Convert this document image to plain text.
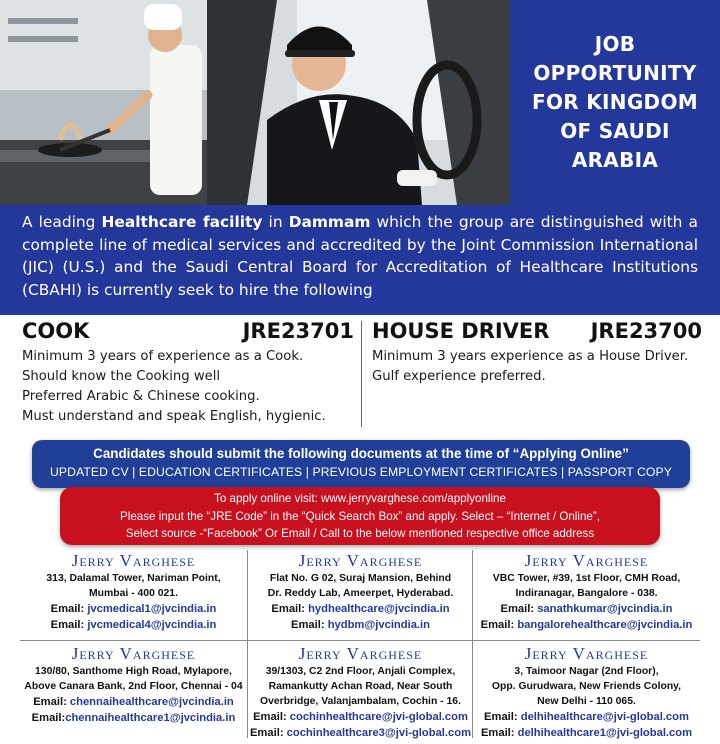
JOB
OPPORTUNITY
FOR KINGDOM
OF SAUDI
ARABIA

A leading Healthcare facility in Dammam which the group are distinguished with a complete line of medical services and accredited by the Joint Commission International (JIC) (U.S.) and the Saudi Central Board for Accreditation of Healthcare Institutions (CBAHI) is currently seek to hire the following

COOK	JRE23701
Minimum 3 years of experience as a Cook.
Should know the Cooking well
Preferred Arabic & Chinese cooking.
Must understand and speak English, hygienic.
HOUSE DRIVER JRE23700
Minimum 3 years experience as a House Driver.
Gulf experience preferred.
Candidates should submit the following documents at the time of “Applying Online”
UPDATED CV | EDUCATION CERTIFICATES | PREVIOUS EMPLOYMENT CERTIFICATES | PASSPORT COPY
To apply online visit: www.jerryvarghese.com/applyonline
Please input the “JRE Code” in the “Quick Search Box” and apply. Select – “Internet / Online”,
Select source -“Facebook” Or Email / Call to the below mentioned respective office address
Jerry Varghese
313, Dalamal Tower, Nariman Point,
Mumbai - 400 021.
Email: jvcmedical1@jvcindia.in
Email: jvcmedical4@jvcindia.in
Jerry Varghese
Flat No. G 02, Suraj Mansion, Behind
Dr. Reddy Lab, Ameerpet, Hyderabad.
Email: hydhealthcare@jvcindia.in
Email: hydbm@jvcindia.in
Jerry Varghese
VBC Tower, #39, 1st Floor, CMH Road,
Indiranagar, Bangalore - 038.
Email: sanathkumar@jvcindia.in
Email: bangalorehealthcare@jvcindia.in
Jerry Varghese
130/80, Santhome High Road, Mylapore,
Above Canara Bank, 2nd Floor, Chennai - 04
Email: chennaihealthcare@jvcindia.in
Email:chennaihealthcare1@jvcindia.in
Jerry Varghese
39/1303, C2 2nd Floor, Anjali Complex,
Ramankutty Achan Road, Near South
Overbridge, Valanjambalam, Cochin - 16.
Email: cochinhealthcare@jvi-global.com
Email: cochinhealthcare3@jvi-global.com
Jerry Varghese
3, Taimoor Nagar (2nd Floor),
Opp. Gurudwara, New Friends Colony,
New Delhi - 110 065.
Email: delhihealthcare@jvi-global.com
Email: delhihealthcare1@jvi-global.com
